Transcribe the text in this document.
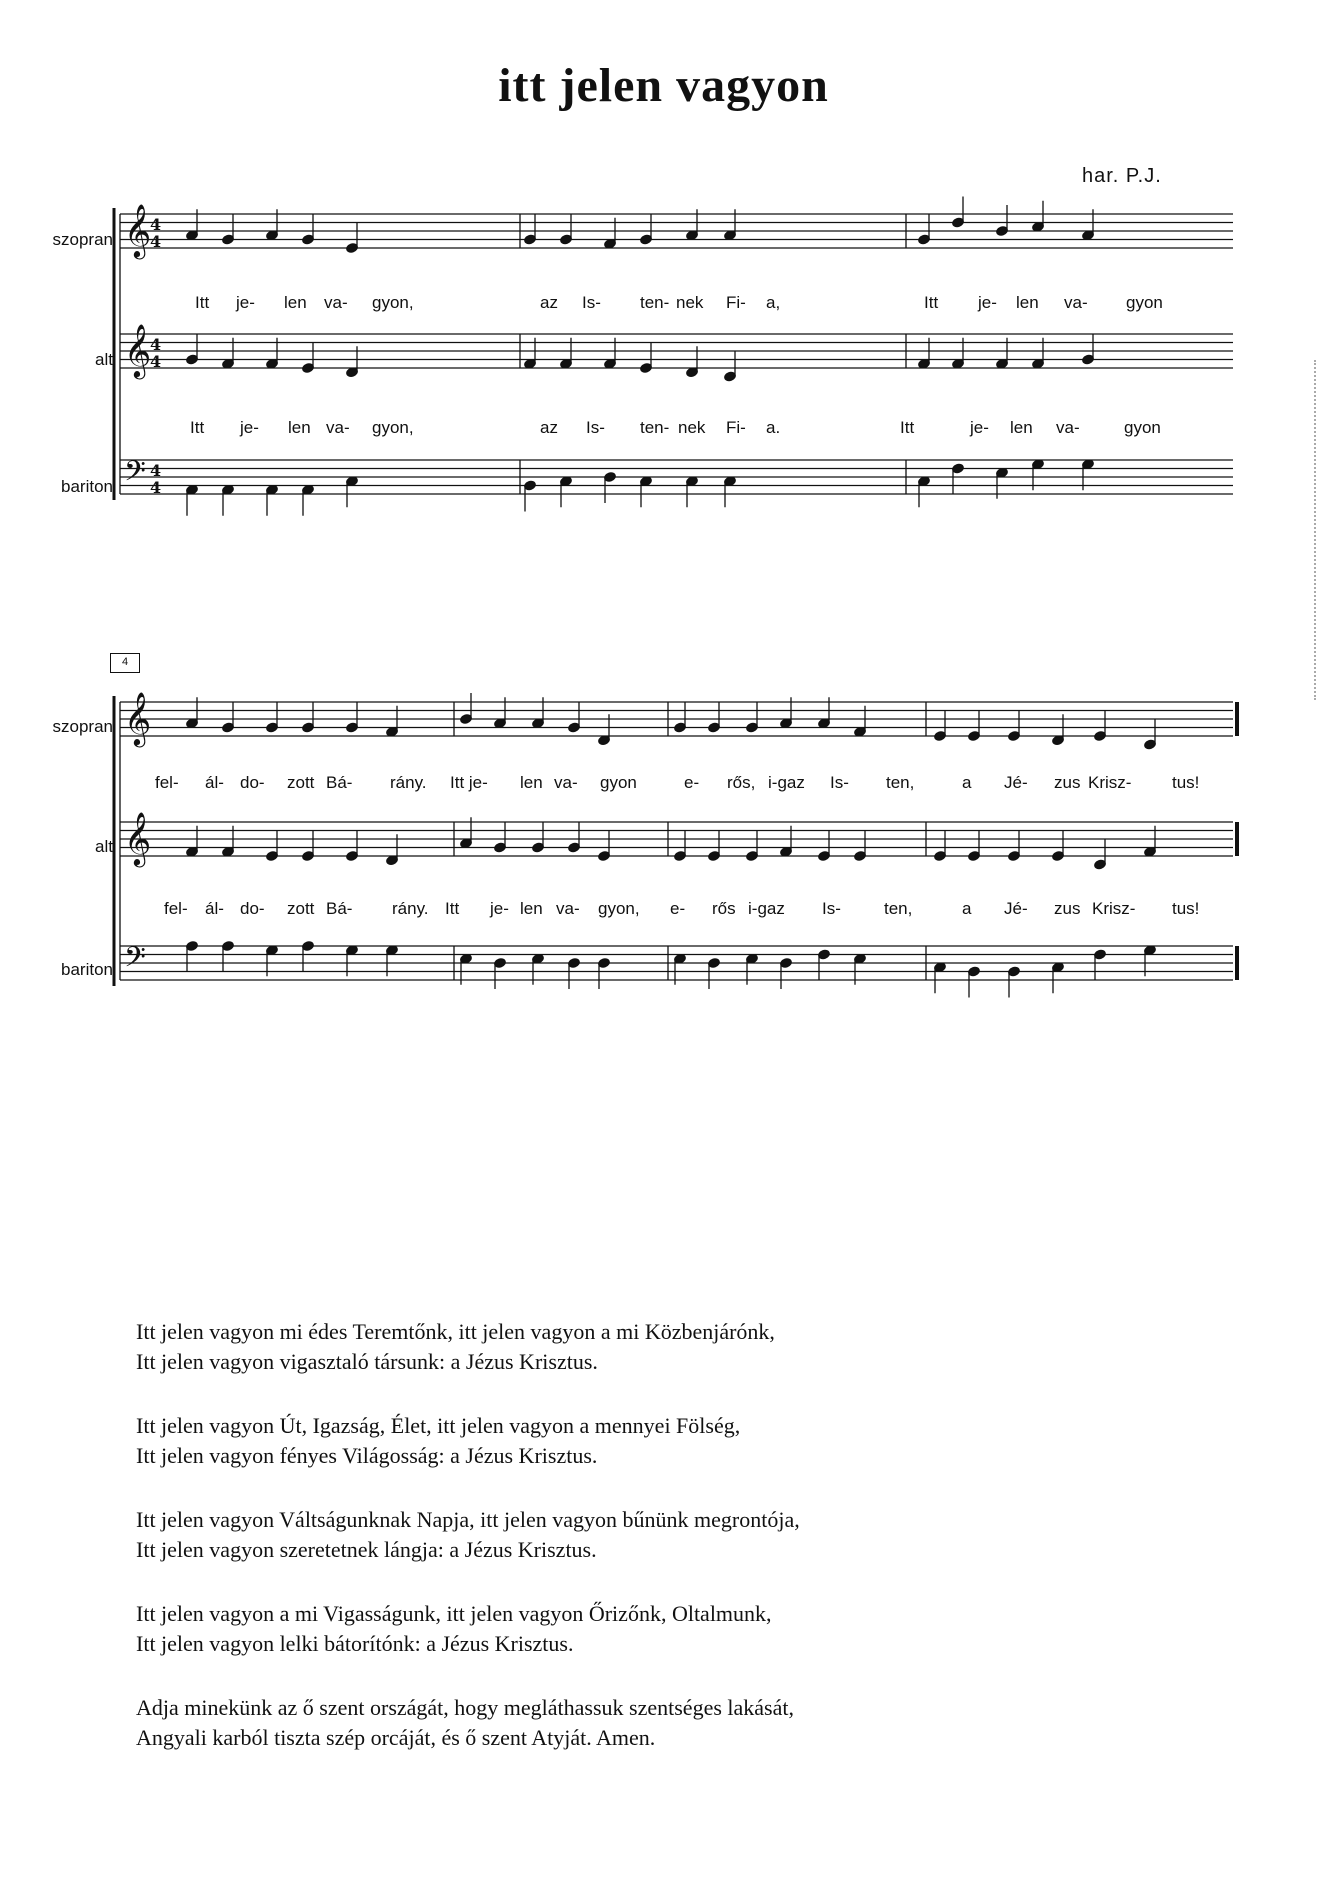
itt jelen vagyon
har. P.J.
szopran
alt
bariton
szopran
alt
bariton
4
𝄞
4
4
𝄞
4
4
𝄢 4
4
𝄞
𝄞
𝄢
Itt je- len va- gyon,	az Is- ten- nek Fi- a,	Itt je- len va- gyon
Itt je- len va- gyon,	az Is- ten- nek Fi- a.	Itt	je- len va-	gyon
fel- ál- do- zott Bá- rány. Itt je- len va- gyon	e- rős, i-gaz Is- ten,	a Jé- zus Krisz- tus!
fel- ál- do- zott Bá- rány. Itt je- len va- gyon, e- rős i-gaz Is-	ten,	a Jé- zus Krisz- tus!
Itt jelen vagyon mi édes Teremtőnk, itt jelen vagyon a mi Közbenjárónk,
Itt jelen vagyon vigasztaló társunk: a Jézus Krisztus.
Itt jelen vagyon Út, Igazság, Élet, itt jelen vagyon a mennyei Fölség,
Itt jelen vagyon fényes Világosság: a Jézus Krisztus.
Itt jelen vagyon Váltságunknak Napja, itt jelen vagyon bűnünk megrontója,
Itt jelen vagyon szeretetnek lángja: a Jézus Krisztus.
Itt jelen vagyon a mi Vigasságunk, itt jelen vagyon Őrizőnk, Oltalmunk,
Itt jelen vagyon lelki bátorítónk: a Jézus Krisztus.
Adja minekünk az ő szent országát, hogy megláthassuk szentséges lakását,
Angyali karból tiszta szép orcáját, és ő szent Atyját. Amen.
